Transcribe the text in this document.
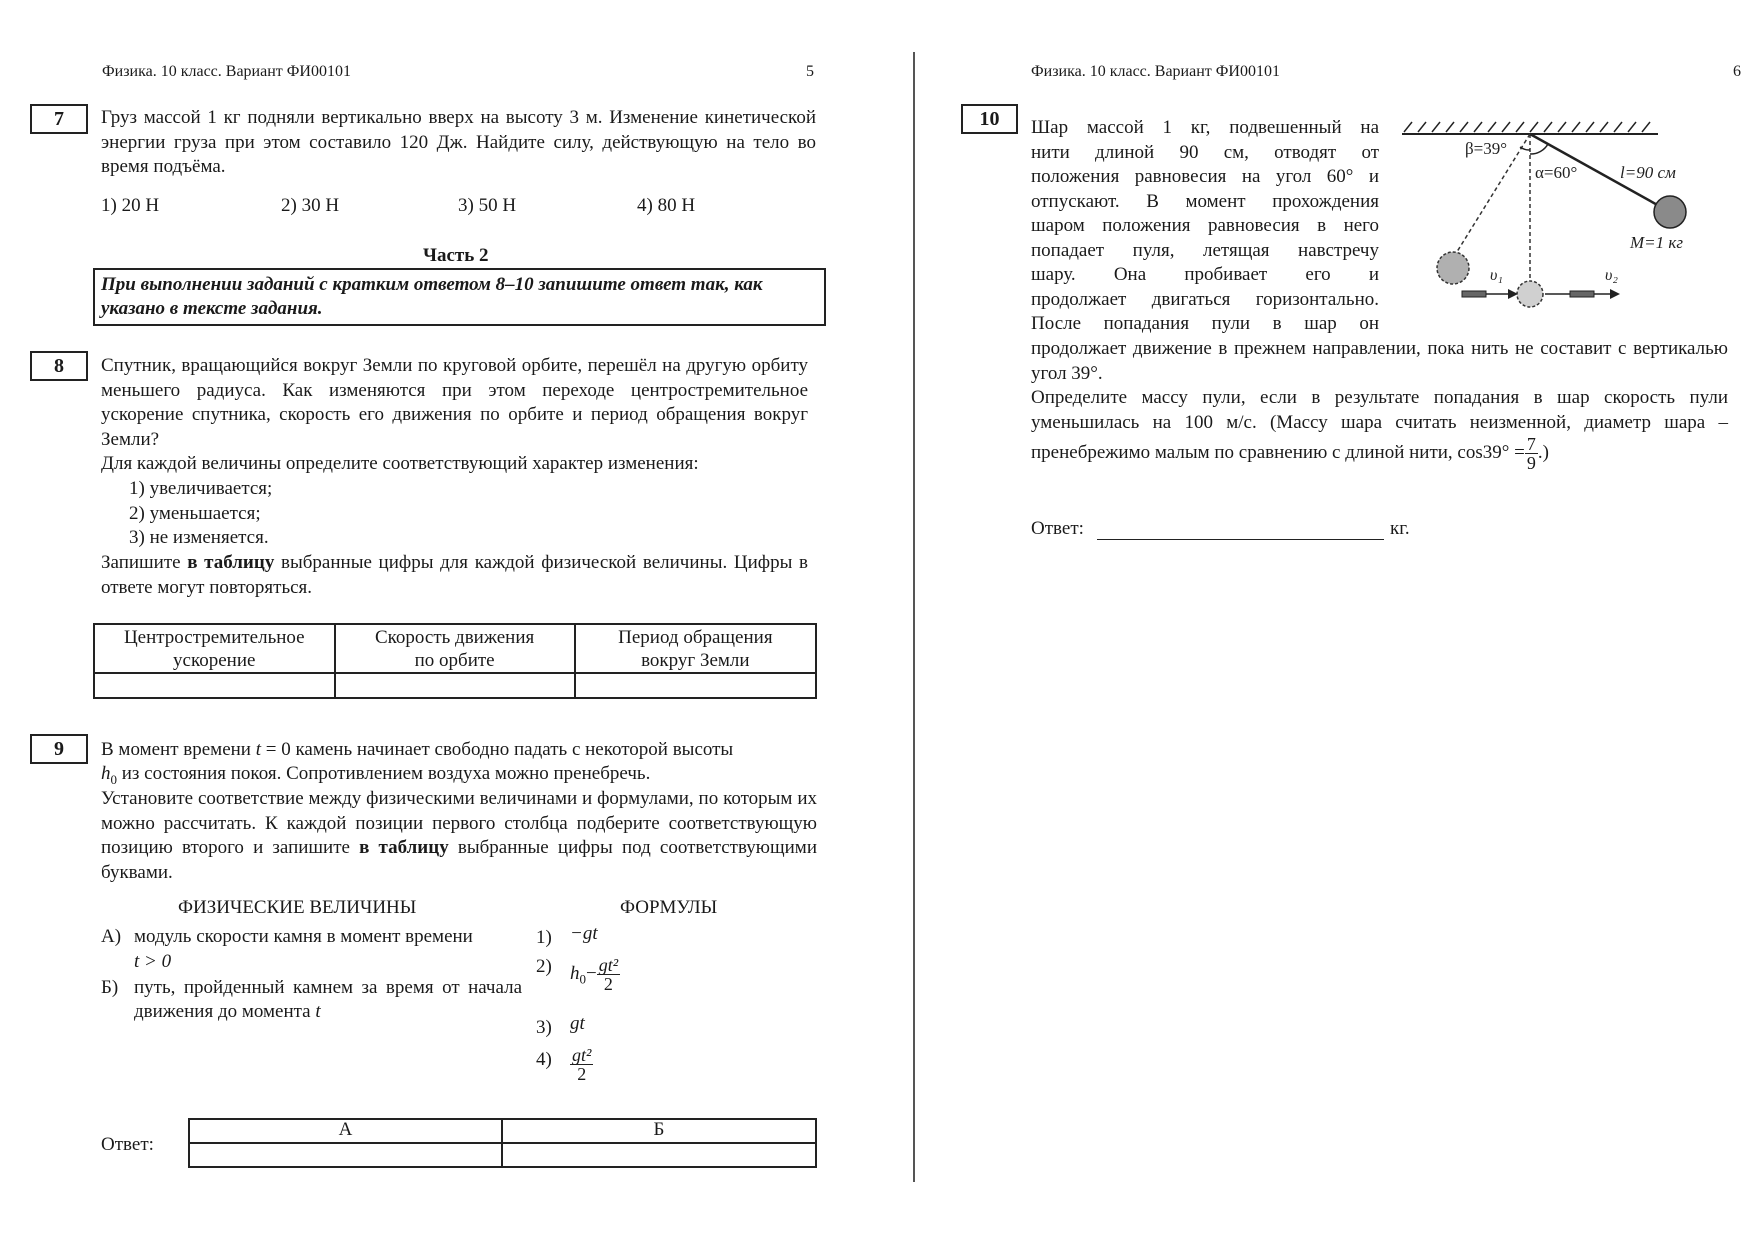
Физика. 10 класс. Вариант ФИ00101	5
7	Груз массой 1 кг подняли вертикально вверх на высоту 3 м. Изменение кинетической энергии груза при этом составило 120 Дж. Найдите силу, действующую на тело во время подъёма.
1) 20 Н	2) 30 Н	3) 50 Н	4) 80 Н
Часть 2
При выполнении заданий с кратким ответом 8–10 запишите ответ так, как указано в тексте задания.
8	Спутник, вращающийся вокруг Земли по круговой орбите, перешёл на другую орбиту меньшего радиуса. Как изменяются при этом переходе центростремительное ускорение спутника, скорость его движения по орбите и период обращения вокруг Земли?
Для каждой величины определите соответствующий характер изменения:
1) увеличивается;
2) уменьшается;
3) не изменяется.
Запишите в таблицу выбранные цифры для каждой физической величины. Цифры в ответе могут повторяться.
Центростремительное ускорение	Скорость движения по орбите	Период обращения вокруг Земли

9	В момент времени t = 0 камень начинает свободно падать с некоторой высоты
$h_0$ из состояния покоя. Сопротивлением воздуха можно пренебречь.
Установите соответствие между физическими величинами и формулами, по которым их можно рассчитать. К каждой позиции первого столбца подберите соответствующую позицию второго и запишите в таблицу выбранные цифры под соответствующими буквами.
ФИЗИЧЕСКИЕ ВЕЛИЧИНЫ	ФОРМУЛЫ
А) модуль скорости камня в момент времени
t > 0
Б) путь, пройденный камнем за время от начала движения до момента t
1) −gt
2) $h_0- \frac{\text{gt²}}{2}$
3) gt
$4) \frac{\text{gt²}}{2}$
Ответ:
А	Б

Физика. 10 класс. Вариант ФИ00101	6
10	Шар массой 1 кг, подвешенный на
нити длиной 90 см, отводят от
положения равновесия на угол 60° и
отпускают. В момент прохождения
шаром положения равновесия в него
попадает пуля, летящая навстречу
шару. Она пробивает его и
продолжает двигаться горизонтально.
После попадания пули в шар он
продолжает движение в прежнем направлении, пока нить не составит с вертикалью угол 39°.
Определите массу пули, если в результате попадания в шар скорость пули уменьшилась на 100 м/с. (Массу шара считать неизменной, диаметр шара – пренебрежимо малым по сравнению с длиной нити, $\cos 39^\circ = \frac{7}{9}$ .)
Ответ:	кг.
β=39°
α=60°	l=90 см
M=1 кг
υ₁	υ₂
